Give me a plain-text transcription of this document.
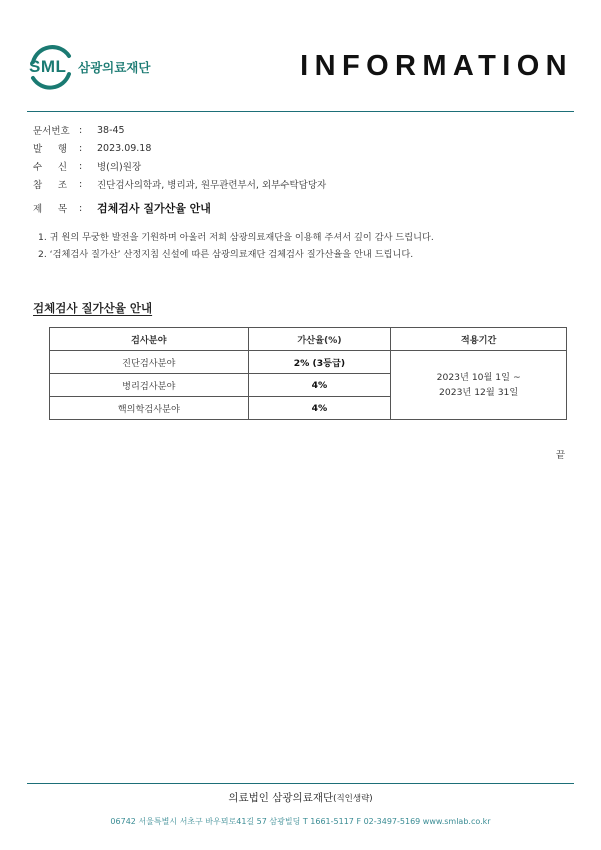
SML 삼광의료재단	INFORMATION
문서번호 :	38-45
발 행 :	2023.09.18
수 신 :	병(의)원장
참 조 :	진단검사의학과, 병리과, 원무관련부서, 외부수탁담당자
제 목 :	검체검사 질가산율 안내

1. 귀 원의 무궁한 발전을 기원하며 아울러 저희 삼광의료재단을 이용해 주셔서 깊이 감사 드립니다.

2. ‘검체검사 질가산’ 산정지침 신설에 따른 삼광의료재단 검체검사 질가산율을 안내 드립니다.

검체검사 질가산율 안내
검사분야	가산율(%)	적용기간
진단검사분야	2% (3등급)	2023년 10월 1일 ~
2023년 12월 31일

병리검사분야	4%	
핵의학검사분야	4%	
끝
의료법인 삼광의료재단(직인생략)
06742 서울특별시 서초구 바우뫼로41길 57 삼광빌딩 T 1661-5117 F 02-3497-5169 www.smlab.co.kr
